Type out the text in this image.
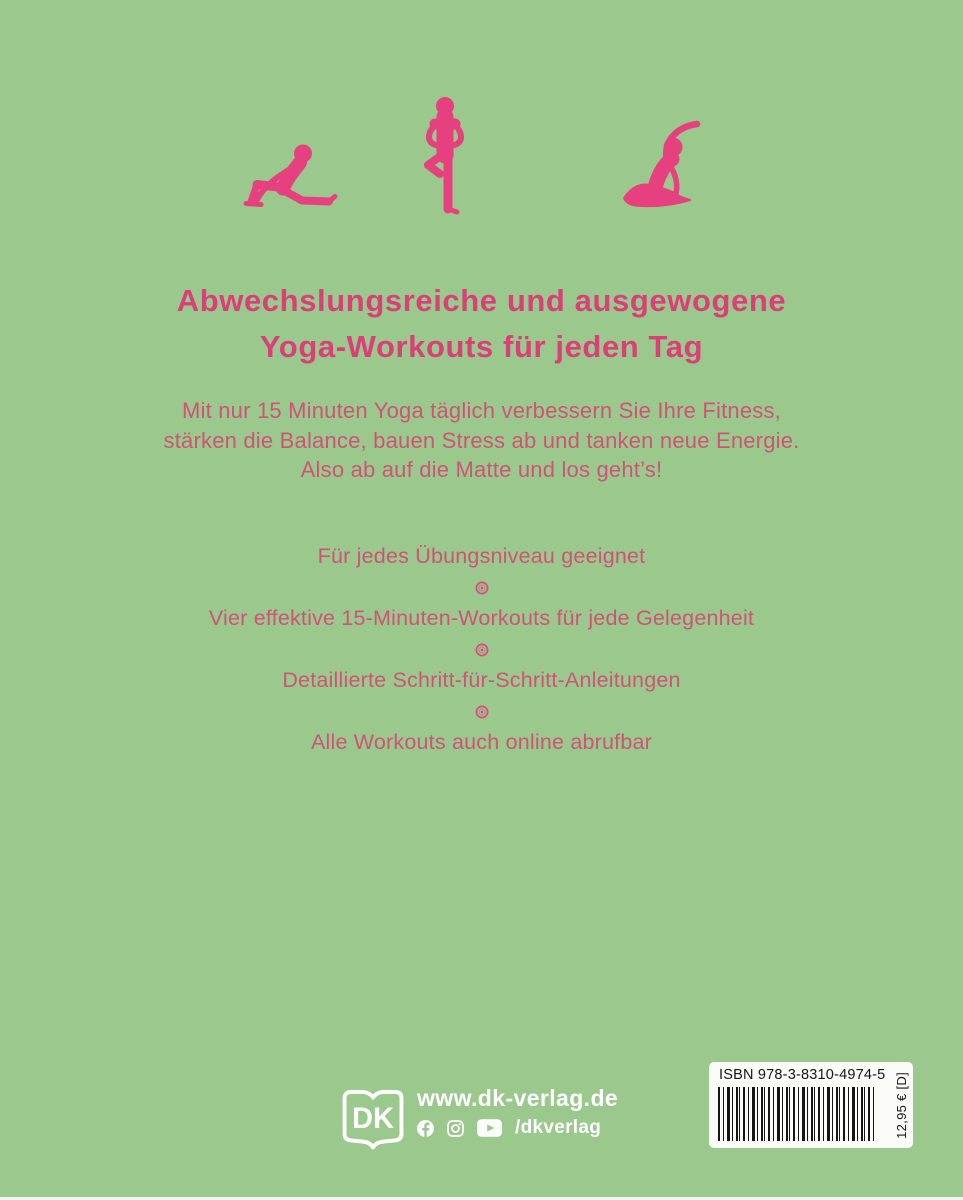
Abwechslungsreiche und ausgewogene
Yoga-Workouts für jeden Tag
Mit nur 15 Minuten Yoga täglich verbessern Sie Ihre Fitness,
stärken die Balance, bauen Stress ab und tanken neue Energie.
Also ab auf die Matte und los geht’s!
Für jedes Übungsniveau geeignet
Vier effektive 15-Minuten-Workouts für jede Gelegenheit
Detaillierte Schritt-für-Schritt-Anleitungen
Alle Workouts auch online abrufbar
DK
www.dk-verlag.de
/dkverlag
ISBN 978-3-8310-4974-5 12,95 € [D]
